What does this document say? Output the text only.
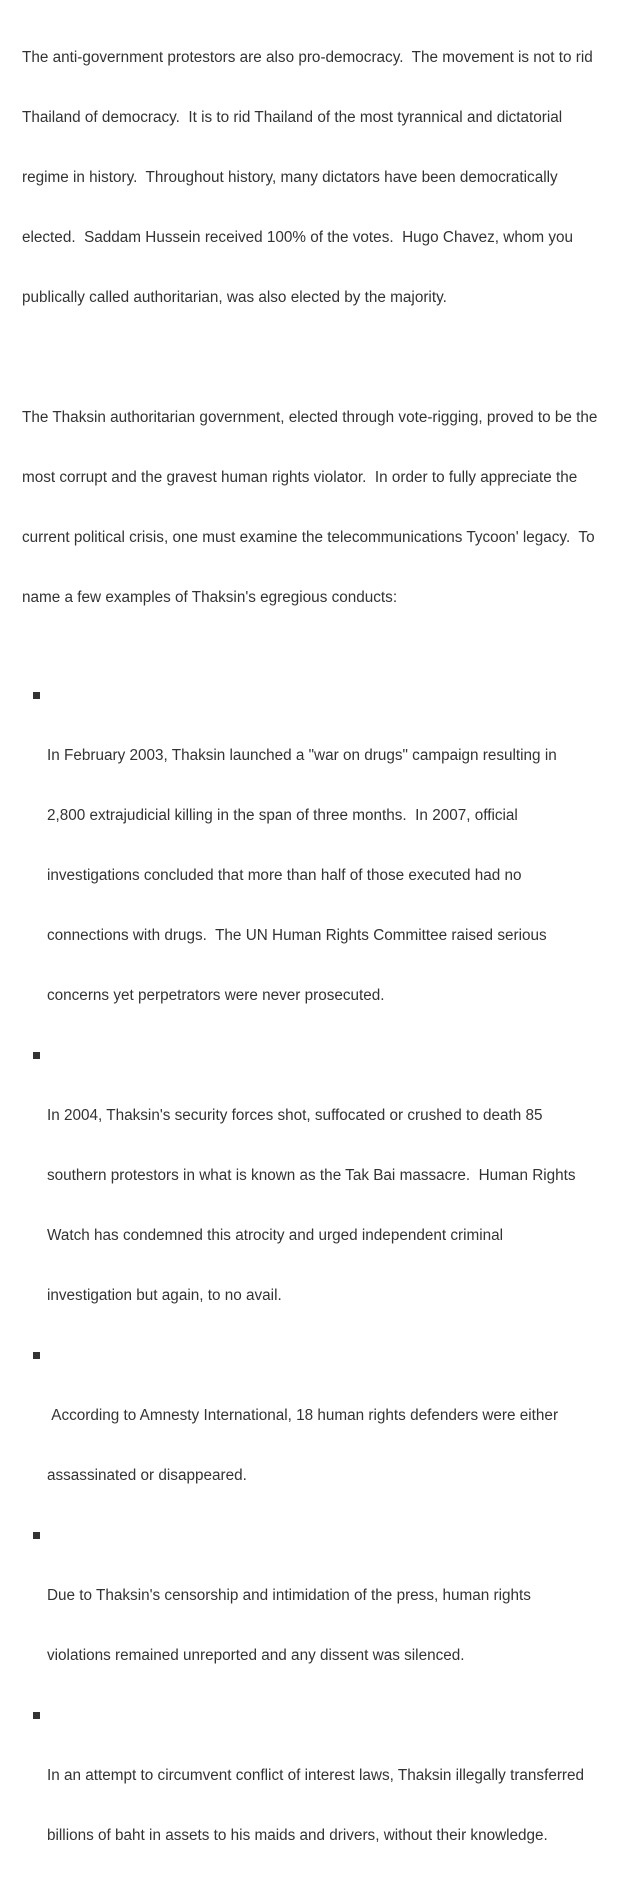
The anti-government protestors are also pro-democracy.  The movement is not to rid

Thailand of democracy.  It is to rid Thailand of the most tyrannical and dictatorial

regime in history.  Throughout history, many dictators have been democratically

elected.  Saddam Hussein received 100% of the votes.  Hugo Chavez, whom you

publically called authoritarian, was also elected by the majority.

The Thaksin authoritarian government, elected through vote-rigging, proved to be the

most corrupt and the gravest human rights violator.  In order to fully appreciate the

current political crisis, one must examine the telecommunications Tycoon' legacy.  To

name a few examples of Thaksin's egregious conducts:

In February 2003, Thaksin launched a "war on drugs" campaign resulting in

2,800 extrajudicial killing in the span of three months.  In 2007, official

investigations concluded that more than half of those executed had no

connections with drugs.  The UN Human Rights Committee raised serious

concerns yet perpetrators were never prosecuted.

In 2004, Thaksin's security forces shot, suffocated or crushed to death 85

southern protestors in what is known as the Tak Bai massacre.  Human Rights

Watch has condemned this atrocity and urged independent criminal

investigation but again, to no avail.

According to Amnesty International, 18 human rights defenders were either

assassinated or disappeared.

Due to Thaksin's censorship and intimidation of the press, human rights

violations remained unreported and any dissent was silenced.

In an attempt to circumvent conflict of interest laws, Thaksin illegally transferred

billions of baht in assets to his maids and drivers, without their knowledge.
